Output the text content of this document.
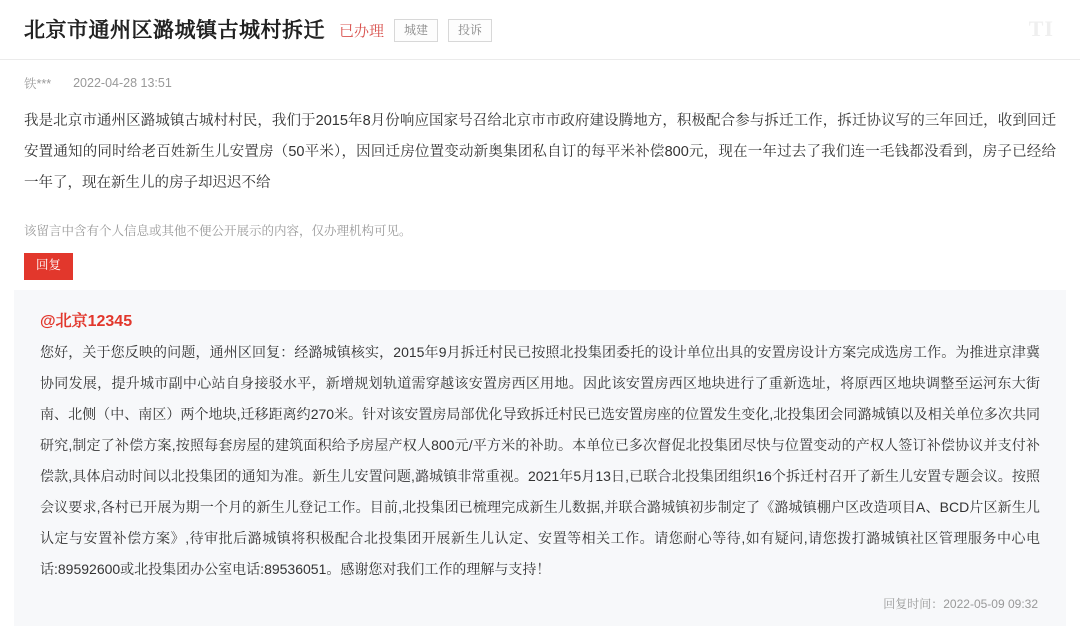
北京市通州区潞城镇古城村拆迁 已办理	城建	投诉	TI
铁*** 2022-04-28 13:51
我是北京市通州区潞城镇古城村村民，我们于2015年8月份响应国家号召给北京市市政府建设腾地方，积极配合参与拆迁工作，拆迁协议写的三年回迁，收到回迁安置通知的同时给老百姓新生儿安置房（50平米），因回迁房位置变动新奥集团私自订的每平米补偿800元，现在一年过去了我们连一毛钱都没看到，房子已经给一年了，现在新生儿的房子却迟迟不给
该留言中含有个人信息或其他不便公开展示的内容，仅办理机构可见。
回复
@北京12345
您好，关于您反映的问题，通州区回复：经潞城镇核实，2015年9月拆迁村民已按照北投集团委托的设计单位出具的安置房设计方案完成选房工作。为推进京津冀协同发展，提升城市副中心站自身接驳水平，新增规划轨道需穿越该安置房西区用地。因此该安置房西区地块进行了重新选址，将原西区地块调整至运河东大街南、北侧（中、南区）两个地块,迁移距离约270米。针对该安置房局部优化导致拆迁村民已选安置房座的位置发生变化,北投集团会同潞城镇以及相关单位多次共同研究,制定了补偿方案,按照每套房屋的建筑面积给予房屋产权人800元/平方米的补助。本单位已多次督促北投集团尽快与位置变动的产权人签订补偿协议并支付补偿款,具体启动时间以北投集团的通知为准。新生儿安置问题,潞城镇非常重视。2021年5月13日,已联合北投集团组织16个拆迁村召开了新生儿安置专题会议。按照会议要求,各村已开展为期一个月的新生儿登记工作。目前,北投集团已梳理完成新生儿数据,并联合潞城镇初步制定了《潞城镇棚户区改造项目A、BCD片区新生儿认定与安置补偿方案》,待审批后潞城镇将积极配合北投集团开展新生儿认定、安置等相关工作。请您耐心等待,如有疑问,请您拨打潞城镇社区管理服务中心电话:89592600或北投集团办公室电话:89536051。感谢您对我们工作的理解与支持！
回复时间：2022-05-09 09:32
